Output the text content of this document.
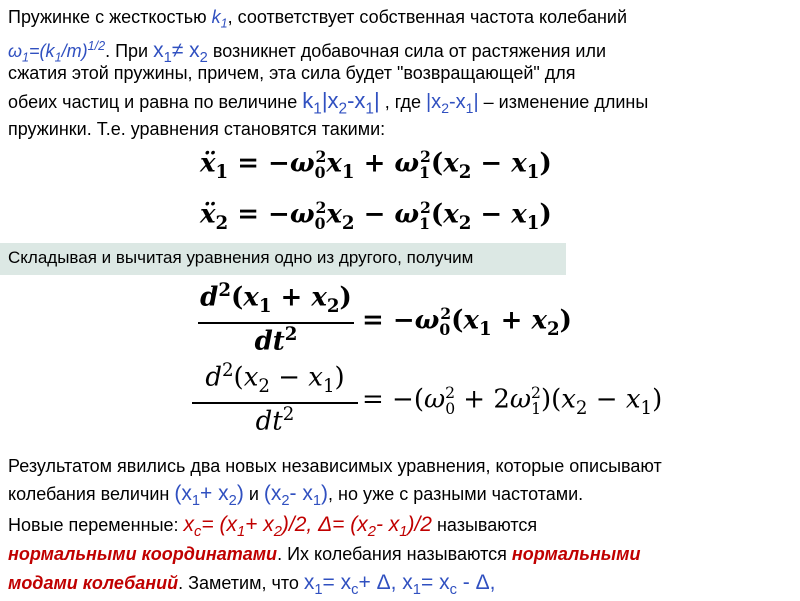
Пружинке с жесткостью $k_1$, соответствует собственная частота колебаний
$\omega_1=(k_1/m)^{1/2}$. При $x_1\ne x_2$ возникнет добавочная сила от растяжения или
сжатия этой пружины, причем, эта сила будет "возвращающей" для
обеих частиц и равна по величине $k_1|x_2-x_1|$ , где $|x_2-x_1|$ – изменение длины
пружинки. Т.е. уравнения становятся такими:
ẍ$_1$ = $-\omega_0^2x_1 + \omega_1^2(x_2 - x_1)$
ẍ$_2$ = $-\omega_0^2x_2 - \omega_1^2(x_2 - x_1)$
Складывая и вычитая уравнения одно из другого, получим
$d^2(x_1 + x_2)$
$dt^2$	= $-\omega_0^2(x_1 + x_2)$
$d^2(x_2 - x_1)$
$dt^2$	= $-(\omega_0^2 + 2\omega_1^2)(x_2 - x_1)$
Результатом явились два новых независимых уравнения, которые описывают
колебания величин $(x_1+ x_2)$ и ($x_2-$ $x_1$), но уже с разными частотами.
Новые переменные: $x_c= (x_1+ x_2)/2$, $\Delta= (x_2-$ $x_1)/2$ называются
нормальными координатами. Их колебания называются нормальными
модами колебаний. Заметим, что $x_1= x_c+ \Delta$, $x_1= x_c - \Delta$,
